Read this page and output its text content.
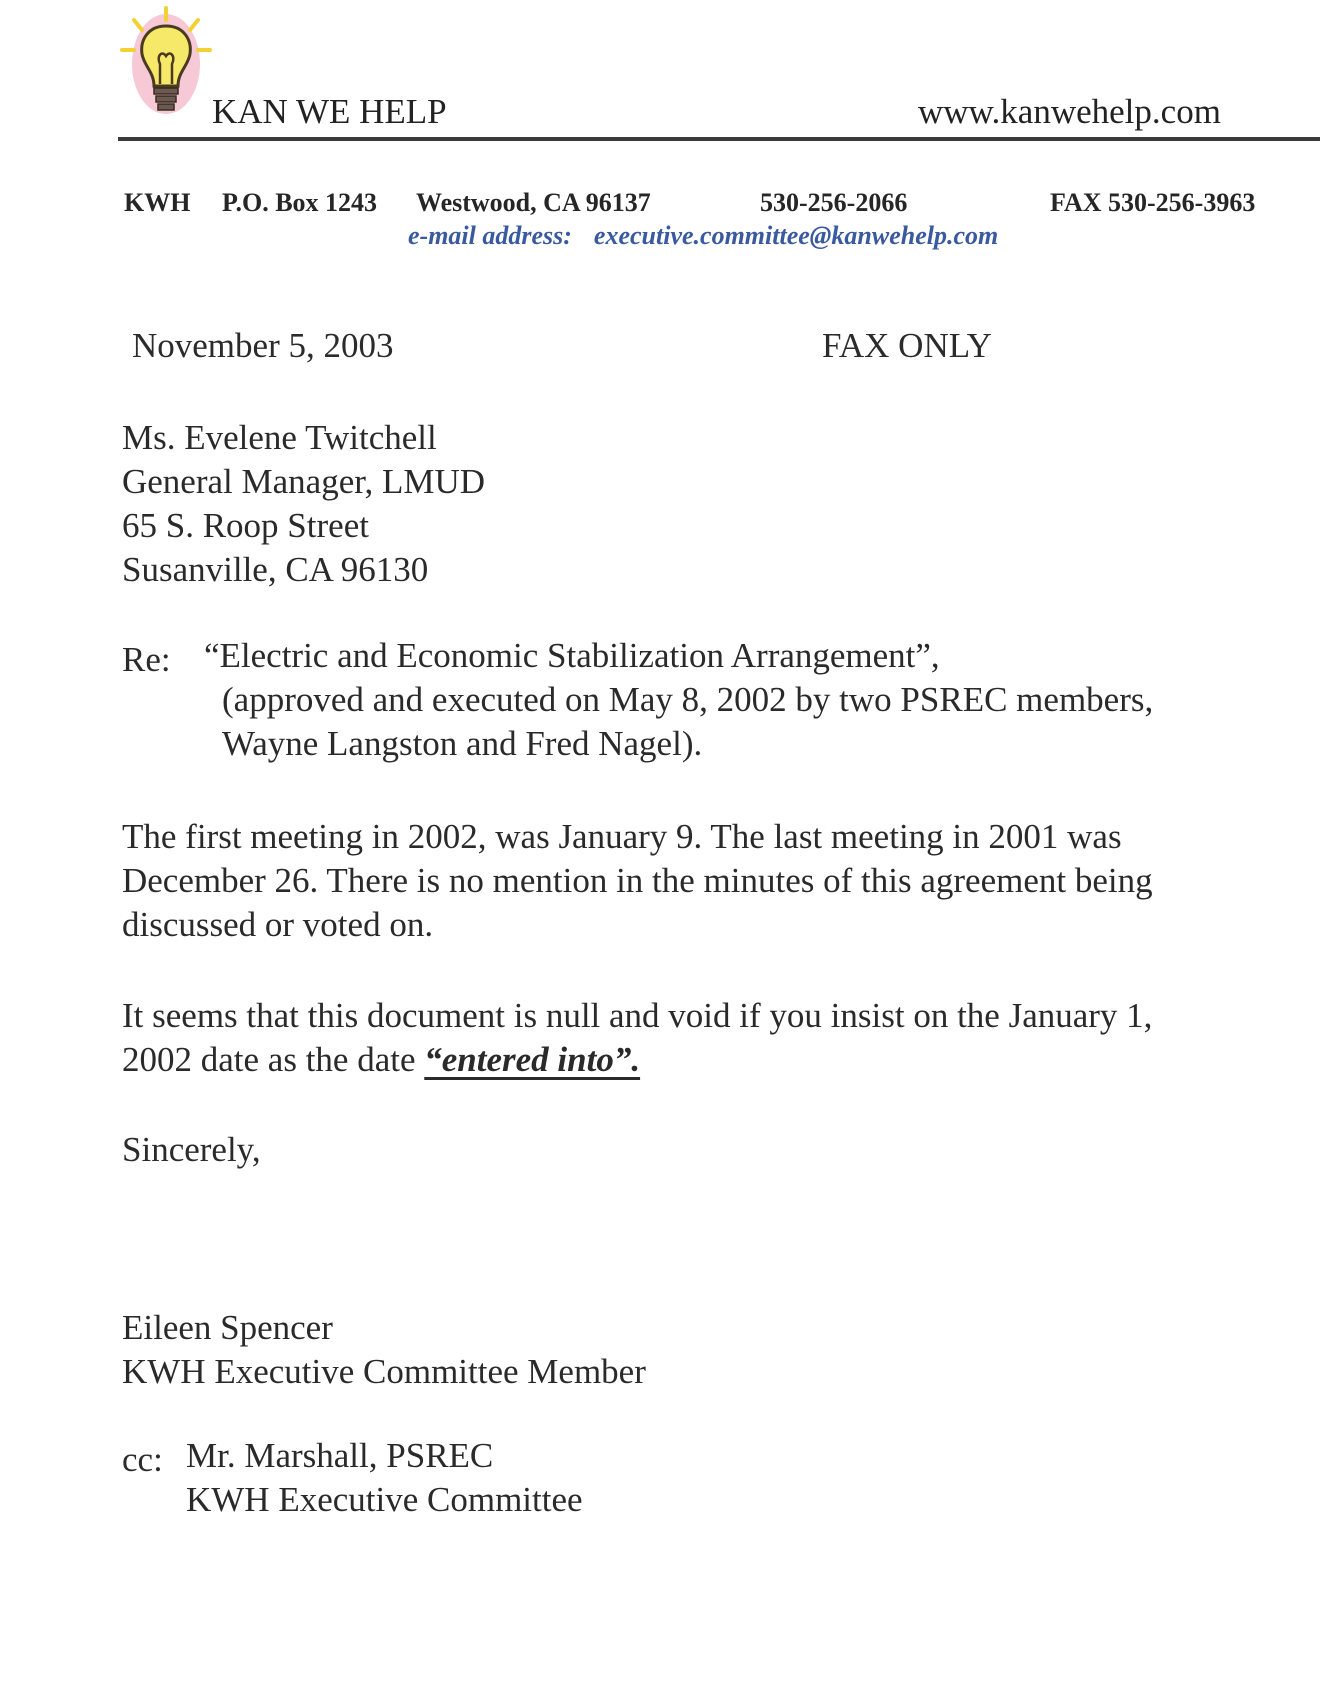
KAN WE HELP	www.kanwehelp.com
KWH P.O. Box 1243 Westwood, CA 96137	530-256-2066	FAX 530-256-3963
e-mail address: executive.committee@kanwehelp.com
November 5, 2003	FAX ONLY
Ms. Evelene Twitchell
General Manager, LMUD
65 S. Roop Street
Susanville, CA 96130
Re: “Electric and Economic Stabilization Arrangement”,
(approved and executed on May 8, 2002 by two PSREC members,
Wayne Langston and Fred Nagel).
The first meeting in 2002, was January 9. The last meeting in 2001 was
December 26. There is no mention in the minutes of this agreement being
discussed or voted on.
It seems that this document is null and void if you insist on the January 1,
2002 date as the date “entered into”.
Sincerely,
Eileen Spencer
KWH Executive Committee Member
cc: Mr. Marshall, PSREC
KWH Executive Committee
